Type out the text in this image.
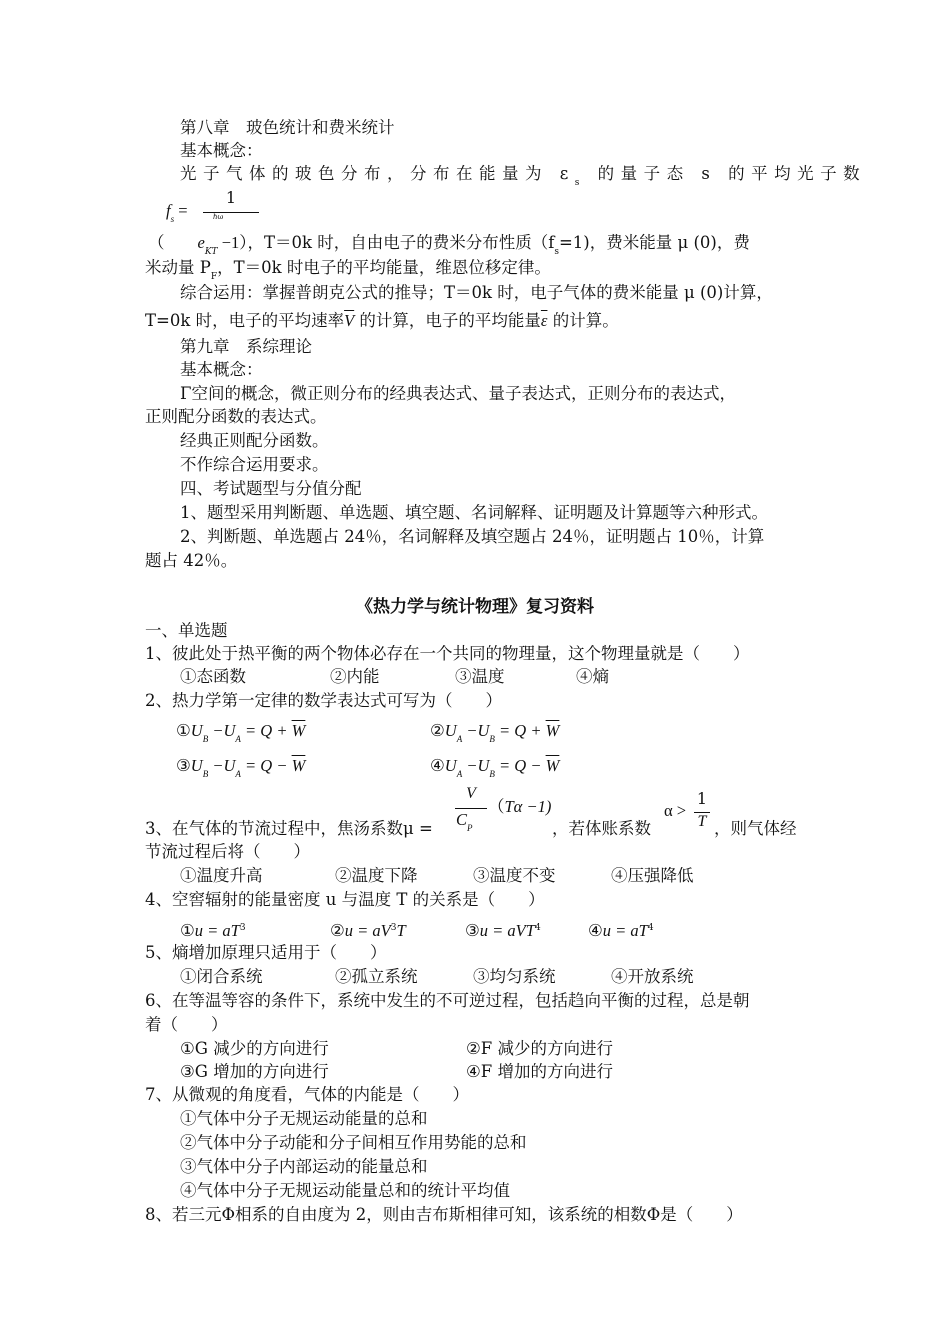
第八章　玻色统计和费米统计
基本概念：
光子气体的玻色分布，分布在能量为 $\varepsilon_s$ 的量子态 s 的平均光子数
$f_s$ =
1
ℏω
（　　$e_{KT} -1$），T＝0k 时，自由电子的费米分布性质$(f_s=1)$，费米能量 μ (0)，费
米动量 $P_F$，T＝0k 时电子的平均能量，维恩位移定律。
综合运用：掌握普朗克公式的推导；T＝0k 时，电子气体的费米能量 μ (0)计算，
T=0k 时，电子的平均速率$\overline{V}$ 的计算，电子的平均能量$\overline{\varepsilon}$ 的计算。
第九章　系综理论
基本概念：
Γ空间的概念，微正则分布的经典表达式、量子表达式，正则分布的表达式，
正则配分函数的表达式。
经典正则配分函数。
不作综合运用要求。
四、考试题型与分值分配
1、题型采用判断题、单选题、填空题、名词解释、证明题及计算题等六种形式。
2、判断题、单选题占 24％，名词解释及填空题占 24％，证明题占 10％，计算
题占 42％。
《热力学与统计物理》复习资料
一、单选题
1、彼此处于热平衡的两个物体必存在一个共同的物理量，这个物理量就是（　　）
①态函数	②内能	③温度	④熵
2、热力学第一定律的数学表达式可写为（　　）
$①U_B -U_A = Q + \overline{W}$	$②U_A -U_B = Q + \overline{W}$
$③U_B -U_A = Q - \overline{W}$	$④U_A -U_B = Q - \overline{W}$
V
$C_P$
（Tα −1)	α >
1
T
3、在气体的节流过程中，焦汤系数μ =	，若体账系数	，则气体经
节流过程后将（　　）
①温度升高	②温度下降	③温度不变	④压强降低
4、空窖辐射的能量密度 u 与温度 T 的关系是（　　）
①u = $aT^3$	②u = $aV^3T$	③u = aVT$^4$	④u = $aT^4$
5、熵增加原理只适用于（　　）
①闭合系统	②孤立系统	③均匀系统	④开放系统
6、在等温等容的条件下，系统中发生的不可逆过程，包括趋向平衡的过程，总是朝
着（　　）
①G 减少的方向进行	②F 减少的方向进行
③G 增加的方向进行	④F 增加的方向进行
7、从微观的角度看，气体的内能是（　　）
①气体中分子无规运动能量的总和
②气体中分子动能和分子间相互作用势能的总和
③气体中分子内部运动的能量总和
④气体中分子无规运动能量总和的统计平均值
8、若三元Φ相系的自由度为 2，则由吉布斯相律可知，该系统的相数Φ是（　　）
